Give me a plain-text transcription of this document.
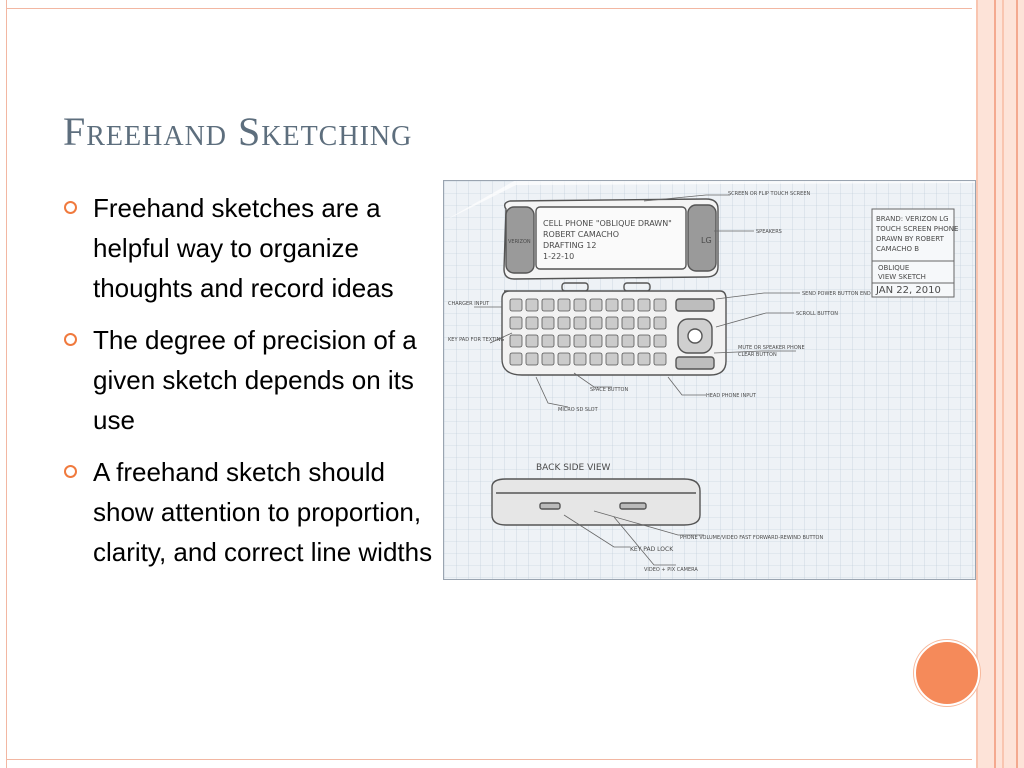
Freehand Sketching
Freehand sketches are a helpful way to organize thoughts and record ideas
The degree of precision of a given sketch depends on its use
A freehand sketch should show attention to proportion, clarity, and correct line widths
CELL PHONE "OBLIQUE DRAWN"
ROBERT CAMACHO
DRAFTING 12
1-22-10
VERIZON	LG
BRAND: VERIZON LG
TOUCH SCREEN PHONE
DRAWN BY ROBERT
CAMACHO B
OBLIQUE
VIEW SKETCH
JAN 22, 2010
SCREEN OR FLIP TOUCH SCREEN
SPEAKERS
SEND POWER BUTTON END
SCROLL BUTTON
MUTE OR SPEAKER PHONE
CLEAR BUTTON
CHARGER INPUT
KEY PAD FOR TEXTING
SPACE BUTTON
MICRO SD SLOT
HEAD PHONE INPUT
BACK SIDE VIEW
PHONE VOLUME/VIDEO FAST FORWARD-REWIND BUTTON
KEY PAD LOCK
VIDEO + PIX CAMERA
